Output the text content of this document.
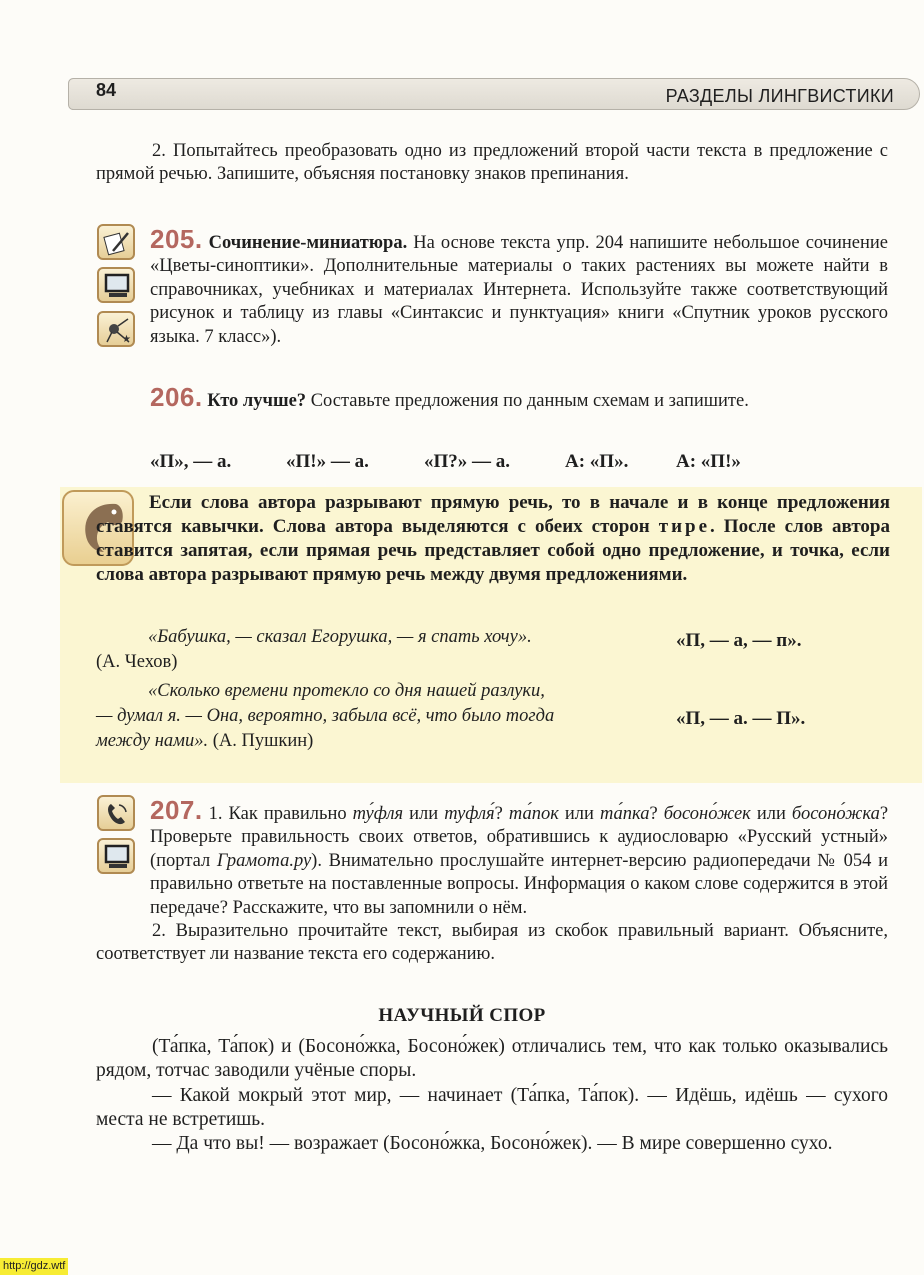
84	РАЗДЕЛЫ ЛИНГВИСТИКИ

2. Попытайтесь преобразовать одно из предложений второй части текста в предложение с прямой речью. Запишите, объясняя постановку знаков препинания.

★

205. Сочинение-миниатюра. На основе текста упр. 204 напишите небольшое сочинение «Цветы-синоптики». Дополнительные материалы о таких растениях вы можете найти в справочниках, учебниках и материалах Интернета. Используйте также соответствующий рисунок и таблицу из главы «Синтаксис и пунктуация» книги «Спутник уроков русского языка. 7 класс»).

206. Кто лучше? Составьте предложения по данным схемам и запишите.

«П», — а.	«П!» — а.	«П?» — а.	А: «П».	А: «П!»

Если слова автора разрывают прямую речь, то в начале и в конце предложения ставятся кавычки. Слова автора выделяются с обеих сторон тире. После слов автора ставится запятая, если прямая речь представляет собой одно предложение, и точка, если слова автора разрывают прямую речь между двумя предложениями.

«Бабушка, — сказал Егорушка, — я спать хочу». (А. Чехов)
«П, — а, — п».
«Сколько времени протекло со дня нашей разлуки, — думал я. — Она, вероятно, забыла всё, что было тогда между нами». (А. Пушкин)
«П, — а. — П».

207. 1. Как правильно ту́фля или туфля́? та́пок или та́пка? босоно́жек или босоно́жка? Проверьте правильность своих ответов, обратившись к аудиословарю «Русский устный» (портал Грамота.ру). Внимательно прослушайте интернет-версию радиопередачи № 054 и правильно ответьте на поставленные вопросы. Информация о каком слове содержится в этой передаче? Расскажите, что вы запомнили о нём.

2. Выразительно прочитайте текст, выбирая из скобок правильный вариант. Объясните, соответствует ли название текста его содержанию.

НАУЧНЫЙ СПОР

(Та́пка, Та́пок) и (Босоно́жка, Босоно́жек) отличались тем, что как только оказывались рядом, тотчас заводили учёные споры.

— Какой мокрый этот мир, — начинает (Та́пка, Та́пок). — Идёшь, идёшь — сухого места не встретишь.

— Да что вы! — возражает (Босоно́жка, Босоно́жек). — В мире совершенно сухо.

http://gdz.wtf
